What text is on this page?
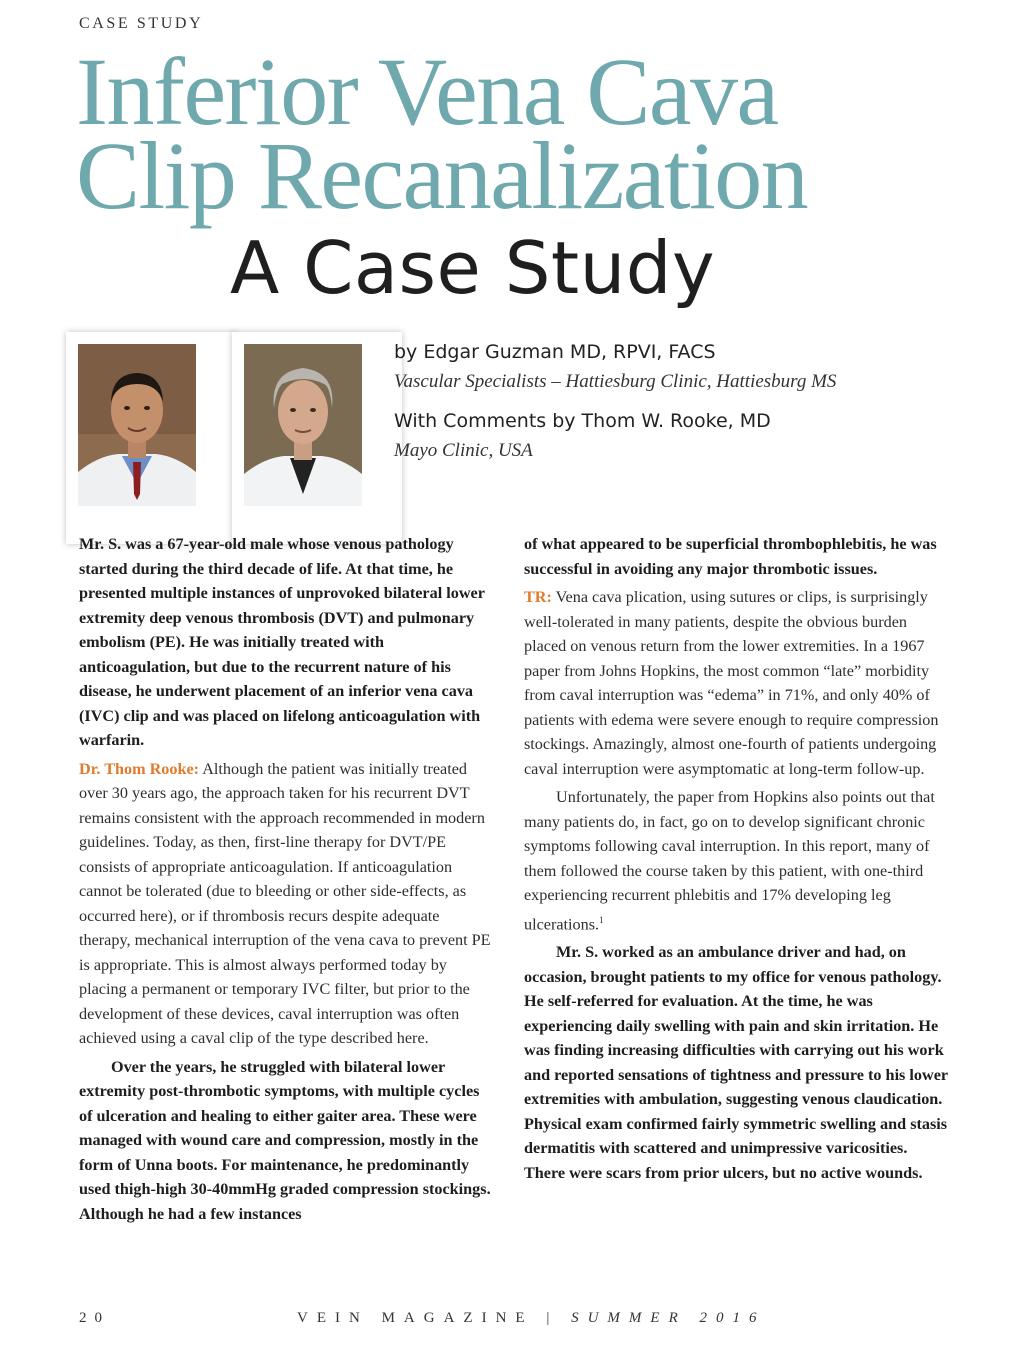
CASE STUDY
Inferior Vena Cava
Clip Recanalization
A Case Study
by Edgar Guzman MD, RPVI, FACS
Vascular Specialists – Hattiesburg Clinic, Hattiesburg MS
With Comments by Thom W. Rooke, MD
Mayo Clinic, USA

Mr. S. was a 67-year-old male whose venous pathology started during the third decade of life. At that time, he presented multiple instances of unprovoked bilateral lower extremity deep venous thrombosis (DVT) and pulmonary embolism (PE). He was initially treated with anticoagulation, but due to the recurrent nature of his disease, he underwent placement of an inferior vena cava (IVC) clip and was placed on lifelong anticoagulation with warfarin.

Dr. Thom Rooke: Although the patient was initially treated over 30 years ago, the approach taken for his recurrent DVT remains consistent with the approach recommended in modern guidelines. Today, as then, first-line therapy for DVT/PE consists of appropriate anticoagulation. If anticoagulation cannot be tolerated (due to bleeding or other side-effects, as occurred here), or if thrombosis recurs despite adequate therapy, mechanical interruption of the vena cava to prevent PE is appropriate. This is almost always performed today by placing a permanent or temporary IVC filter, but prior to the development of these devices, caval interruption was often achieved using a caval clip of the type described here.

Over the years, he struggled with bilateral lower extremity post-thrombotic symptoms, with multiple cycles of ulceration and healing to either gaiter area. These were managed with wound care and compression, mostly in the form of Unna boots. For maintenance, he predominantly used thigh-high 30-40mmHg graded compression stockings. Although he had a few instances

of what appeared to be superficial thrombophlebitis, he was successful in avoiding any major thrombotic issues.

TR: Vena cava plication, using sutures or clips, is surprisingly well-tolerated in many patients, despite the obvious burden placed on venous return from the lower extremities. In a 1967 paper from Johns Hopkins, the most common “late” morbidity from caval interruption was “edema” in 71%, and only 40% of patients with edema were severe enough to require compression stockings. Amazingly, almost one-fourth of patients undergoing caval interruption were asymptomatic at long-term follow-up.

Unfortunately, the paper from Hopkins also points out that many patients do, in fact, go on to develop significant chronic symptoms following caval interruption. In this report, many of them followed the course taken by this patient, with one-third experiencing recurrent phlebitis and 17% developing leg ulcerations.$^1$

Mr. S. worked as an ambulance driver and had, on occasion, brought patients to my office for venous pathology. He self-referred for evaluation. At the time, he was experiencing daily swelling with pain and skin irritation. He was finding increasing difficulties with carrying out his work and reported sensations of tightness and pressure to his lower extremities with ambulation, suggesting venous claudication. Physical exam confirmed fairly symmetric swelling and stasis dermatitis with scattered and unimpressive varicosities. There were scars from prior ulcers, but no active wounds.

20	VEIN MAGAZINE | SUMMER 2016
